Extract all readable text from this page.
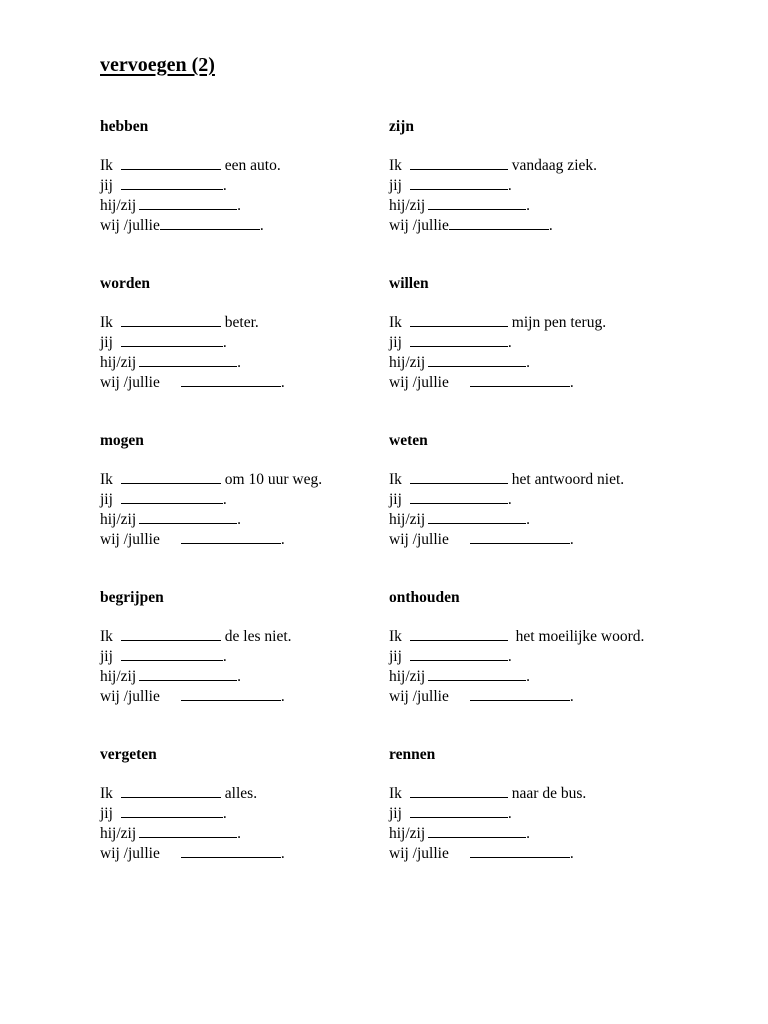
vervoegen (2)
hebben
Ik	een auto.
jij	.
hij/zij	.
wij /jullie	.
zijn
Ik	vandaag ziek.
jij	.
hij/zij	.
wij /jullie	.
worden
Ik	beter.
jij	.
hij/zij	.
wij /jullie	.
willen
Ik	mijn pen terug.
jij	.
hij/zij	.
wij /jullie	.
mogen
Ik	om 10 uur weg.
jij	.
hij/zij	.
wij /jullie	.
weten
Ik	het antwoord niet.
jij	.
hij/zij	.
wij /jullie	.
begrijpen
Ik	de les niet.
jij	.
hij/zij	.
wij /jullie	.
onthouden
Ik	het moeilijke woord.
jij	.
hij/zij	.
wij /jullie	.
vergeten
Ik	alles.
jij	.
hij/zij	.
wij /jullie	.
rennen
Ik	naar de bus.
jij	.
hij/zij	.
wij /jullie	.
